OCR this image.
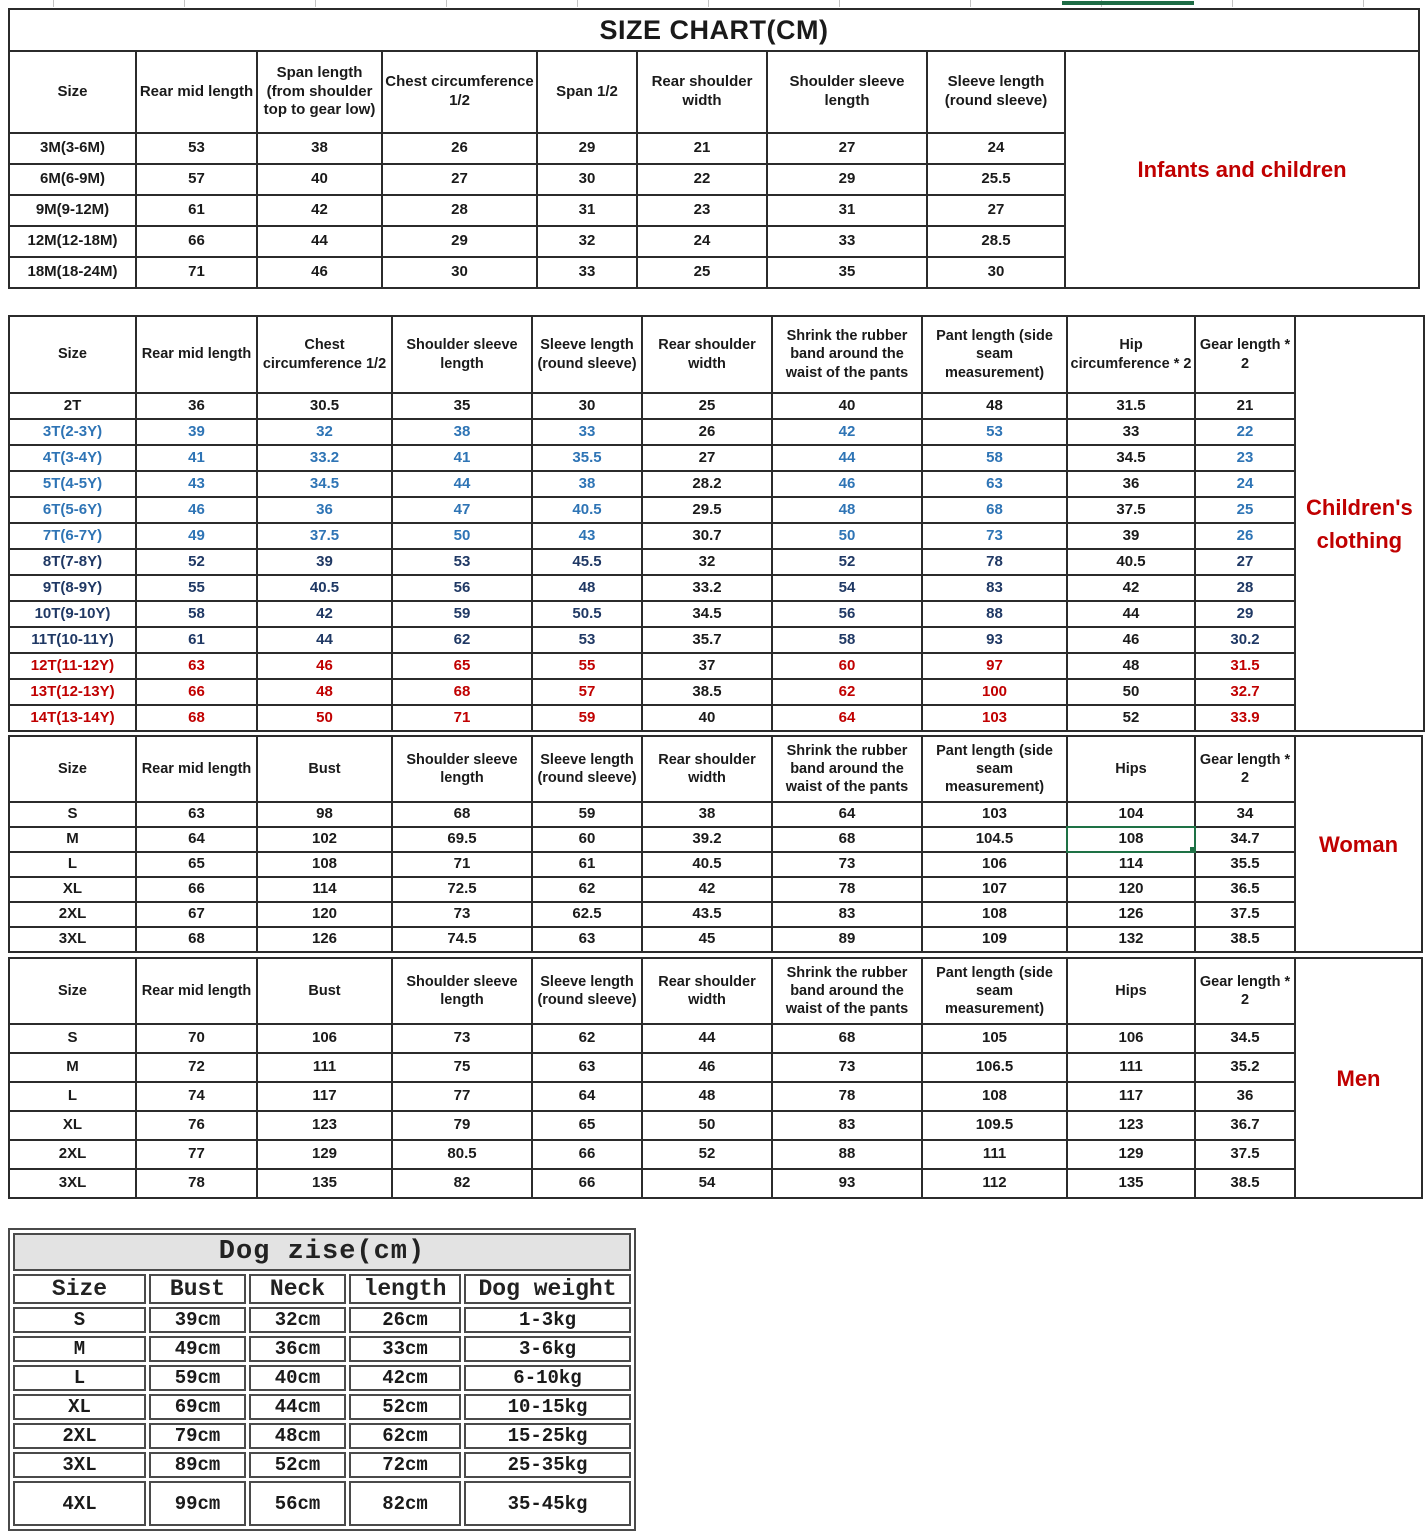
SIZE CHART(CM)
Size	Rear mid length	Span length (from shoulder top to gear low)	Chest circumference 1/2	Span 1/2	Rear shoulder width	Shoulder sleeve length	Sleeve length (round sleeve)
3M(3-6M)	53	38	26	29	21	27	24
6M(6-9M)	57	40	27	30	22	29	25.5
9M(9-12M)	61	42	28	31	23	31	27
12M(12-18M)	66	44	29	32	24	33	28.5
18M(18-24M)	71	46	30	33	25	35	30
Infants and children
Size	Rear mid length	Chest circumference 1/2	Shoulder sleeve length	Sleeve length (round sleeve)	Rear shoulder width	Shrink the rubber band around the waist of the pants	Pant length (side seam measurement)	Hip circumference * 2	Gear length * 2
2T	36	30.5	35	30	25	40	48	31.5	21
3T(2-3Y)	39	32	38	33	26	42	53	33	22
4T(3-4Y)	41	33.2	41	35.5	27	44	58	34.5	23
5T(4-5Y)	43	34.5	44	38	28.2	46	63	36	24
6T(5-6Y)	46	36	47	40.5	29.5	48	68	37.5	25
7T(6-7Y)	49	37.5	50	43	30.7	50	73	39	26
8T(7-8Y)	52	39	53	45.5	32	52	78	40.5	27
9T(8-9Y)	55	40.5	56	48	33.2	54	83	42	28
10T(9-10Y)	58	42	59	50.5	34.5	56	88	44	29
11T(10-11Y)	61	44	62	53	35.7	58	93	46	30.2
12T(11-12Y)	63	46	65	55	37	60	97	48	31.5
13T(12-13Y)	66	48	68	57	38.5	62	100	50	32.7
14T(13-14Y)	68	50	71	59	40	64	103	52	33.9
Children's clothing
Size	Rear mid length	Bust	Shoulder sleeve length	Sleeve length (round sleeve)	Rear shoulder width	Shrink the rubber band around the waist of the pants	Pant length (side seam measurement)	Hips	Gear length * 2
S	63	98	68	59	38	64	103	104	34
M	64	102	69.5	60	39.2	68	104.5	108	34.7
L	65	108	71	61	40.5	73	106	114	35.5
XL	66	114	72.5	62	42	78	107	120	36.5
2XL	67	120	73	62.5	43.5	83	108	126	37.5
3XL	68	126	74.5	63	45	89	109	132	38.5
Woman
Size	Rear mid length	Bust	Shoulder sleeve length	Sleeve length (round sleeve)	Rear shoulder width	Shrink the rubber band around the waist of the pants	Pant length (side seam measurement)	Hips	Gear length * 2
S	70	106	73	62	44	68	105	106	34.5
M	72	111	75	63	46	73	106.5	111	35.2
L	74	117	77	64	48	78	108	117	36
XL	76	123	79	65	50	83	109.5	123	36.7
2XL	77	129	80.5	66	52	88	111	129	37.5
3XL	78	135	82	66	54	93	112	135	38.5
Men
Dog zise(cm)				
Size	Bust	Neck	length	Dog weight
S	39cm	32cm	26cm	1-3kg
M	49cm	36cm	33cm	3-6kg
L	59cm	40cm	42cm	6-10kg
XL	69cm	44cm	52cm	10-15kg
2XL	79cm	48cm	62cm	15-25kg
3XL	89cm	52cm	72cm	25-35kg
4XL	99cm	56cm	82cm	35-45kg
